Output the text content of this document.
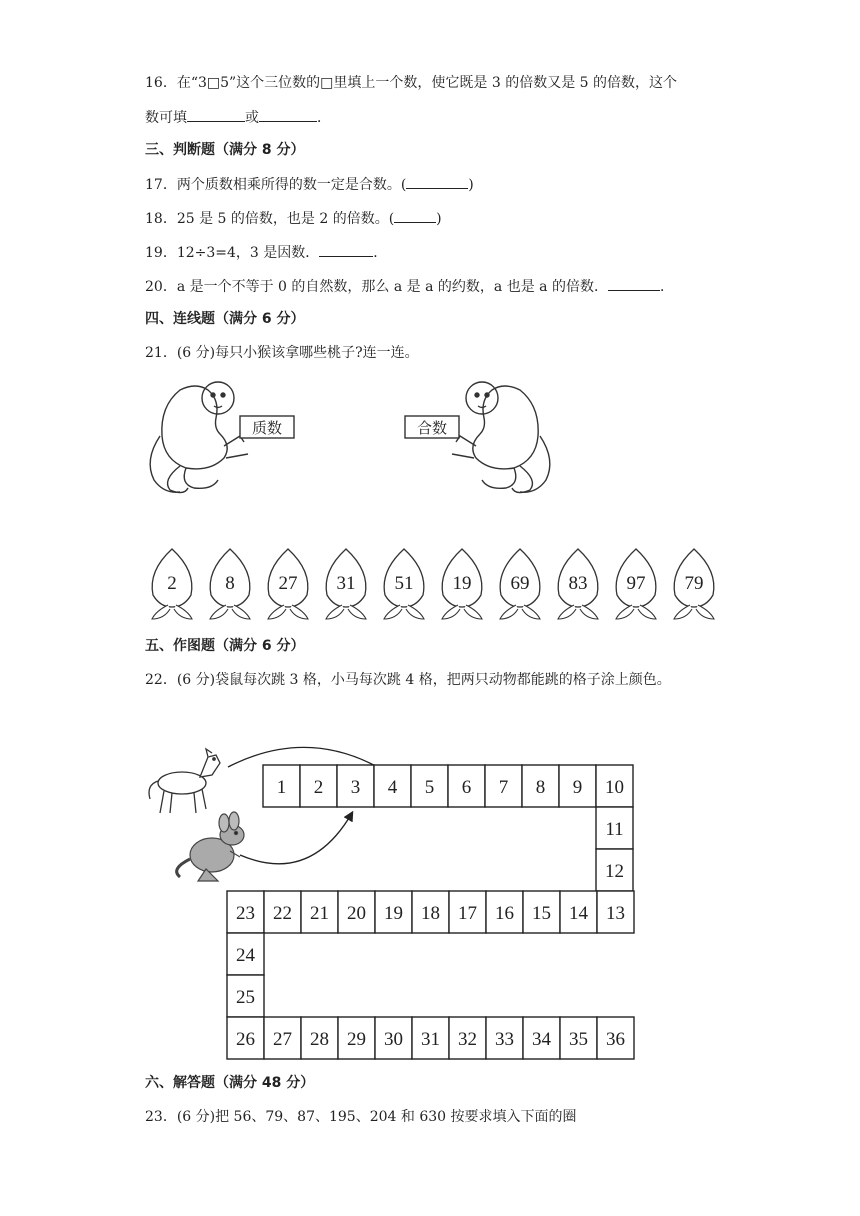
16．在“3□5”这个三位数的□里填上一个数，使它既是 3 的倍数又是 5 的倍数，这个
数可填	或	．
三、判断题（满分 8 分）
17．两个质数相乘所得的数一定是合数。(	)
18．25 是 5 的倍数，也是 2 的倍数。(	)
19．12÷3=4，3 是因数．	．
20．a 是一个不等于 0 的自然数，那么 a 是 a 的约数，a 也是 a 的倍数．	．
四、连线题（满分 6 分）
21．(6 分)每只小猴该拿哪些桃子?连一连。
质数	合数
2	8 27 31 51 19 69 83 97 79
五、作图题（满分 6 分）
22．(6 分)袋鼠每次跳 3 格，小马每次跳 4 格，把两只动物都能跳的格子涂上颜色。
1 2 3 4 5 6 7 8 9 10
11
12
23 22 21 20 19 18 17 16 15 14 13
24
25
26 27 28 29 30 31 32 33 34 35 36
六、解答题（满分 48 分）
23．(6 分)把 56、79、87、195、204 和 630 按要求填入下面的圈
